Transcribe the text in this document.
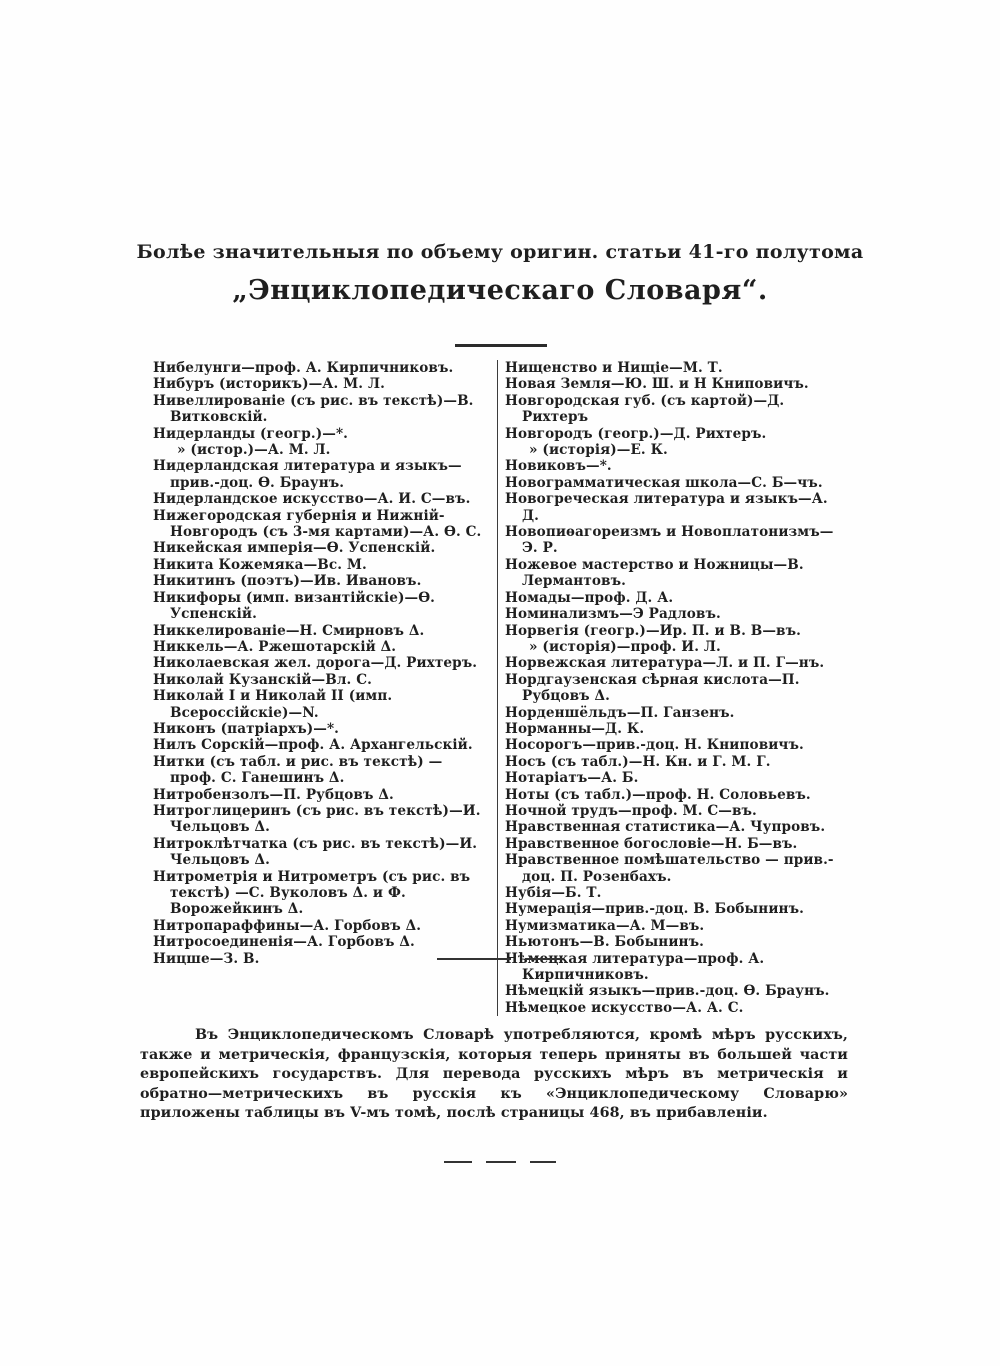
Болѣе значительныя по объему оригин. статьи 41-го полутома

„Энциклопедическаго Словаря“.

Нибелунги—проф. А. Кирпичниковъ.

Нибуръ (историкъ)—А. М. Л.

Нивеллированіе (съ рис. въ текстѣ)—В. Витковскій.

Нидерланды (геогр.)—*.

» (истор.)—А. М. Л.

Нидерландская литература и языкъ—прив.-доц. Ѳ. Браунъ.

Нидерландское искусство—А. И. С—въ.

Нижегородская губернія и Нижній-Новгородъ (съ 3-мя картами)—А. Ѳ. С.

Никейская имперія—Ѳ. Успенскій.

Никита Кожемяка—Вс. М.

Никитинъ (поэтъ)—Ив. Ивановъ.

Никифоры (имп. византійскіе)—Ѳ. Успенскій.

Никкелированіе—Н. Смирновъ Δ.

Никкель—А. Ржешотарскій Δ.

Николаевская жел. дорога—Д. Рихтеръ.

Николай Кузанскій—Вл. С.

Николай I и Николай II (имп. Всероссійскіе)—N.

Никонъ (патріархъ)—*.

Нилъ Сорскій—проф. А. Архангельскій.

Нитки (съ табл. и рис. въ текстѣ) — проф. С. Ганешинъ Δ.

Нитробензолъ—П. Рубцовъ Δ.

Нитроглицеринъ (съ рис. въ текстѣ)—И. Чельцовъ Δ.

Нитроклѣтчатка (съ рис. въ текстѣ)—И. Чельцовъ Δ.

Нитрометрія и Нитрометръ (съ рис. въ текстѣ) —С. Вуколовъ Δ. и Ф. Ворожейкинъ Δ.

Нитропараффины—А. Горбовъ Δ.

Нитросоединенія—А. Горбовъ Δ.

Ницше—З. В.

Нищенство и Нищіе—М. Т.

Новая Земля—Ю. Ш. и Н Книповичъ.

Новгородская губ. (съ картой)—Д. Рихтеръ

Новгородъ (геогр.)—Д. Рихтеръ.

» (исторія)—Е. К.

Новиковъ—*.

Новограмматическая школа—С. Б—чъ.

Новогреческая литература и языкъ—А. Д.

Новопиѳагореизмъ и Новоплатонизмъ—Э. Р.

Ножевое мастерство и Ножницы—В. Лермантовъ.

Номады—проф. Д. А.

Номинализмъ—Э Радловъ.

Норвегія (геогр.)—Ир. П. и В. В—въ.

» (исторія)—проф. И. Л.

Норвежская литература—Л. и П. Г—нъ.

Нордгаузенская сѣрная кислота—П. Рубцовъ Δ.

Норденшёльдъ—П. Ганзенъ.

Норманны—Д. К.

Носорогъ—прив.-доц. Н. Книповичъ.

Носъ (съ табл.)—Н. Кн. и Г. М. Г.

Нотаріатъ—А. Б.

Ноты (съ табл.)—проф. Н. Соловьевъ.

Ночной трудъ—проф. М. С—въ.

Нравственная статистика—А. Чупровъ.

Нравственное богословіе—Н. Б—въ.

Нравственное помѣшательство — прив.-доц. П. Розенбахъ.

Нубія—Б. Т.

Нумерація—прив.-доц. В. Бобынинъ.

Нумизматика—А. М—въ.

Ньютонъ—В. Бобынинъ.

Нѣмецкая литература—проф. А. Кирпичниковъ.

Нѣмецкій языкъ—прив.-доц. Ѳ. Браунъ.

Нѣмецкое искусство—А. А. С.

Въ Энциклопедическомъ Словарѣ употребляются, кромѣ мѣръ русскихъ, также и метрическія, французскія, которыя теперь приняты въ большей части европейскихъ государствъ. Для перевода русскихъ мѣръ въ метрическія и обратно—метрическихъ въ русскія къ «Энциклопедическому Словарю» приложены таблицы въ V-мъ томѣ, послѣ страницы 468, въ прибавленіи.
